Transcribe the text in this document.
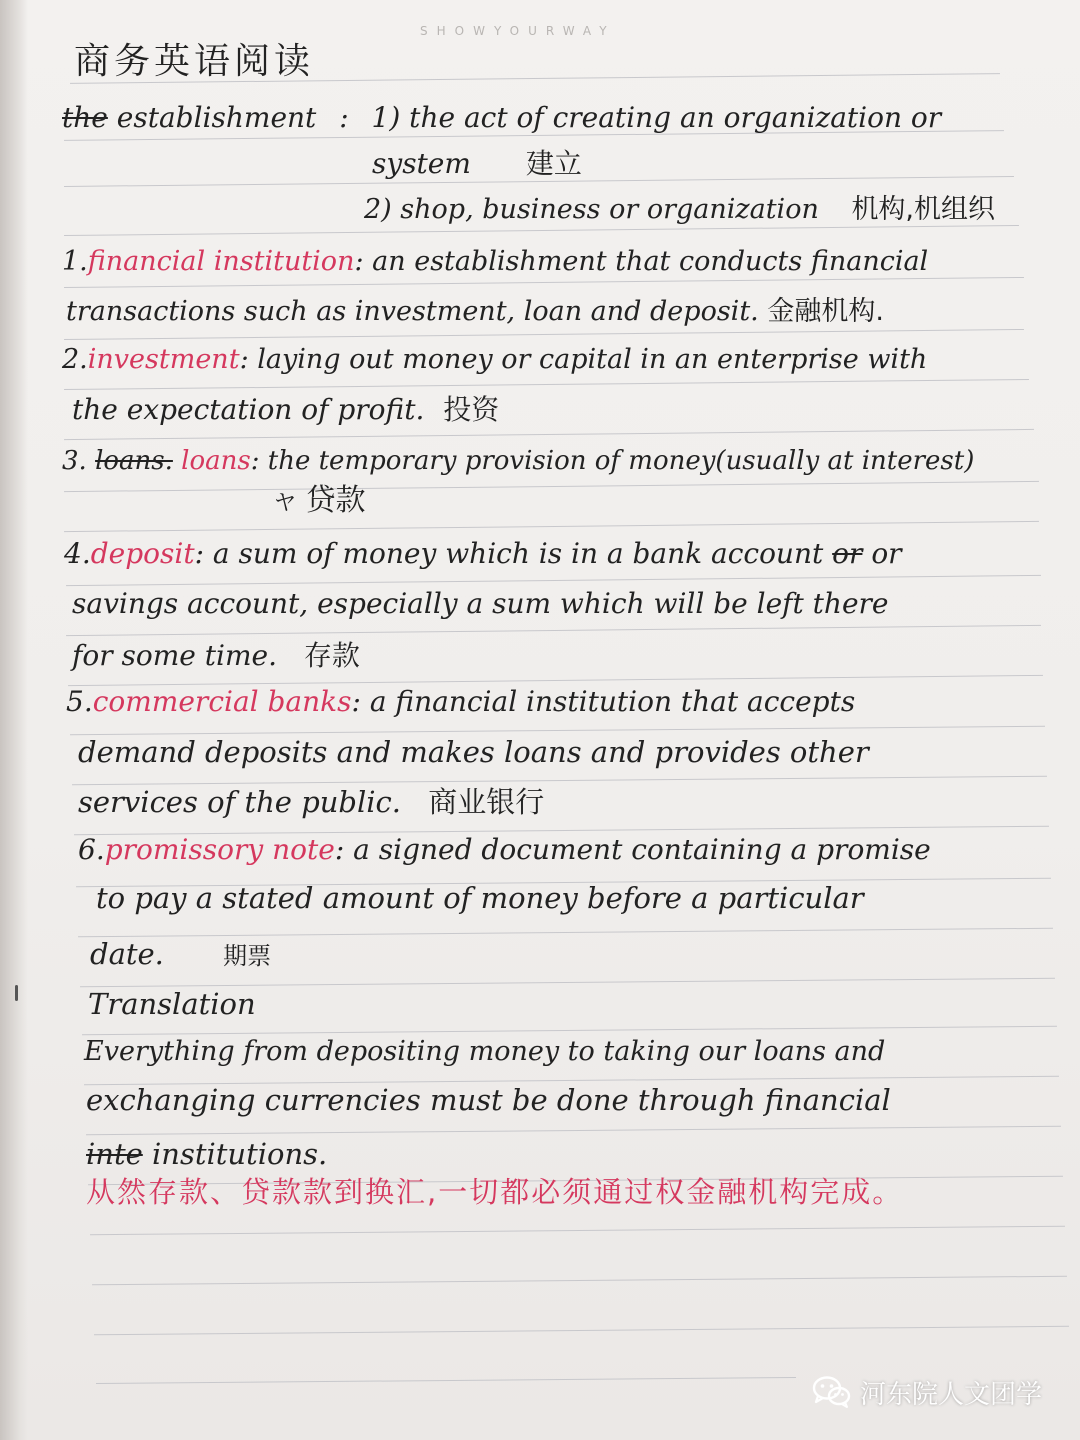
SHOWYOURWAY
商务英语阅读
the establishment : 1) the act of creating an organization or
system 建立
2) shop, business or organization 机构,机组织
1.financial institution: an establishment that conducts financial
transactions such as investment, loan and deposit. 金融机构.
2.investment: laying out money or capital in an enterprise with
the expectation of profit. 投资
3. loans. loans: the temporary provision of money(usually at interest)
ヤ 贷款
4.deposit: a sum of money which is in a bank account or or
savings account, especially a sum which will be left there
for some time. 存款
5.commercial banks: a financial institution that accepts
demand deposits and makes loans and provides other
services of the public. 商业银行
6.promissory note: a signed document containing a promise
to pay a stated amount of money before a particular
date. 期票
Translation
Everything from depositing money to taking our loans and
exchanging currencies must be done through financial
inte institutions.
从然存款、贷款款到换汇,一切都必须通过权金融机构完成。
河东院人文团学
